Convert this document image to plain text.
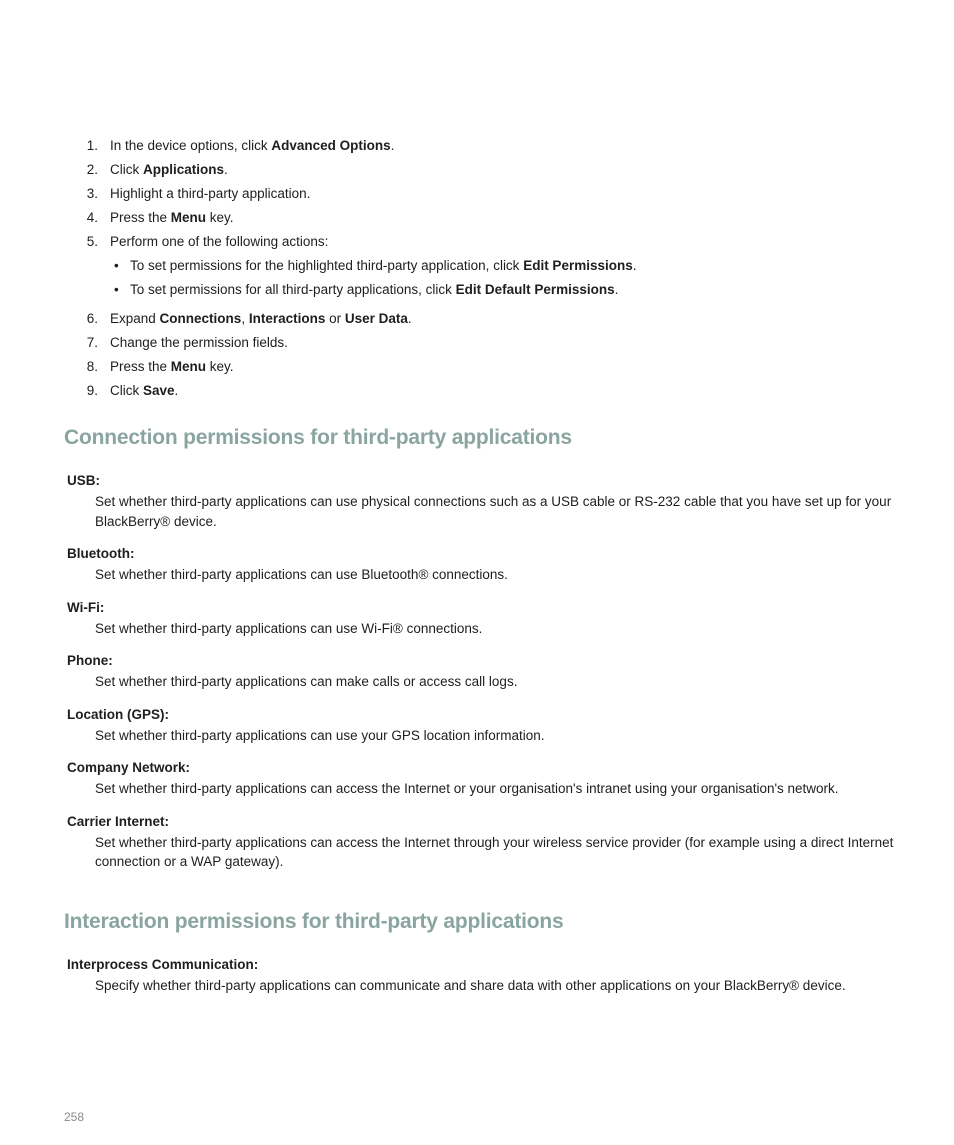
1. In the device options, click Advanced Options.
2. Click Applications.
3. Highlight a third-party application.
4. Press the Menu key.
5. Perform one of the following actions:
• To set permissions for the highlighted third-party application, click Edit Permissions.
• To set permissions for all third-party applications, click Edit Default Permissions.
6. Expand Connections, Interactions or User Data.
7. Change the permission fields.
8. Press the Menu key.
9. Click Save.
Connection permissions for third-party applications

USB:

Set whether third-party applications can use physical connections such as a USB cable or RS-232 cable that you have set up for your BlackBerry® device.

Bluetooth:

Set whether third-party applications can use Bluetooth® connections.

Wi-Fi:

Set whether third-party applications can use Wi-Fi® connections.

Phone:

Set whether third-party applications can make calls or access call logs.

Location (GPS):

Set whether third-party applications can use your GPS location information.

Company Network:

Set whether third-party applications can access the Internet or your organisation's intranet using your organisation's network.

Carrier Internet:

Set whether third-party applications can access the Internet through your wireless service provider (for example using a direct Internet connection or a WAP gateway).

Interaction permissions for third-party applications

Interprocess Communication:

Specify whether third-party applications can communicate and share data with other applications on your BlackBerry® device.

258
